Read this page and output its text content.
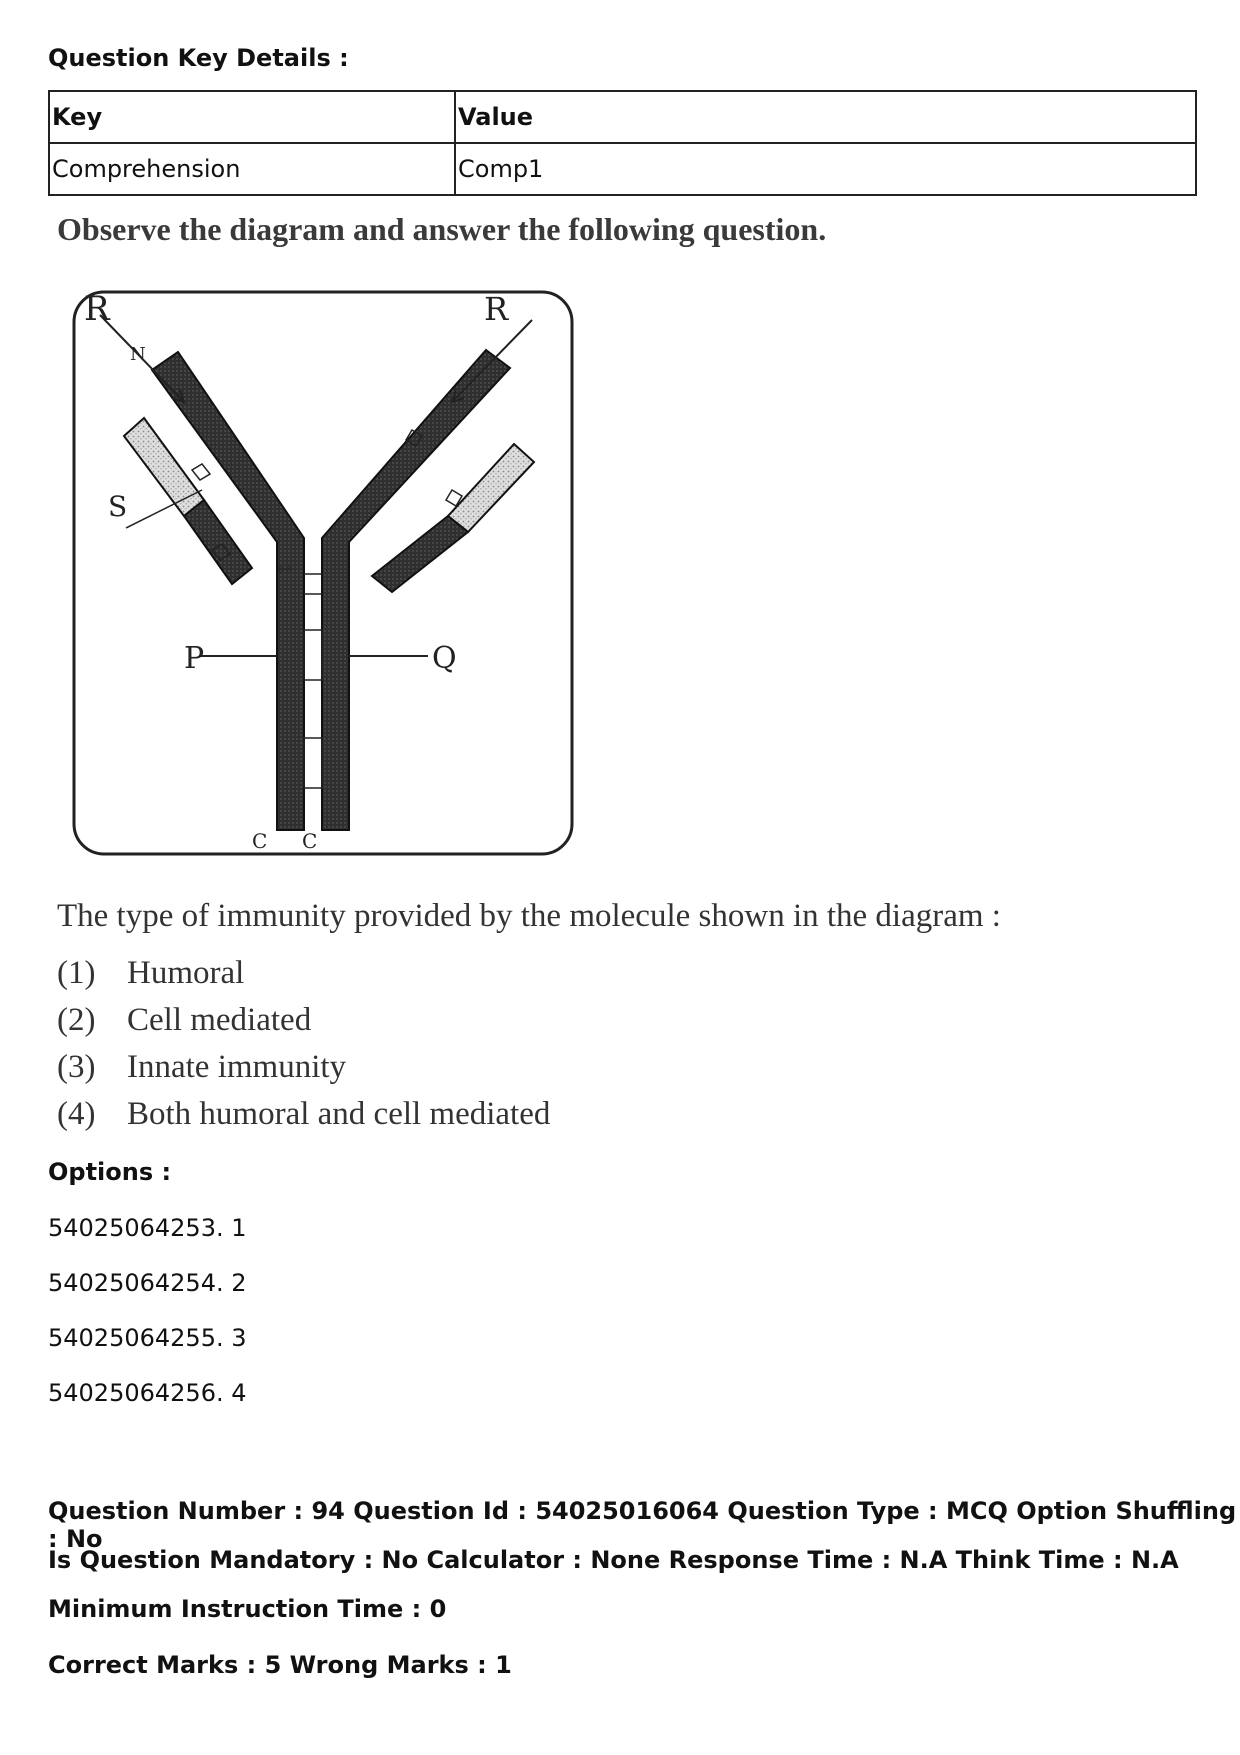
Question Key Details :
Key	Value
Comprehension	Comp1

Observe the diagram and answer the following question.

R
N
S
R
P	Q
C C
s-s

The type of immunity provided by the molecule shown in the diagram :

(1) Humoral
(2) Cell mediated
(3) Innate immunity
(4) Both humoral and cell mediated
Options :
54025064253. 1
54025064254. 2
54025064255. 3
54025064256. 4

Question Number : 94 Question Id : 54025016064 Question Type : MCQ Option Shuffling : No

Is Question Mandatory : No Calculator : None Response Time : N.A Think Time : N.A

Minimum Instruction Time : 0

Correct Marks : 5 Wrong Marks : 1
